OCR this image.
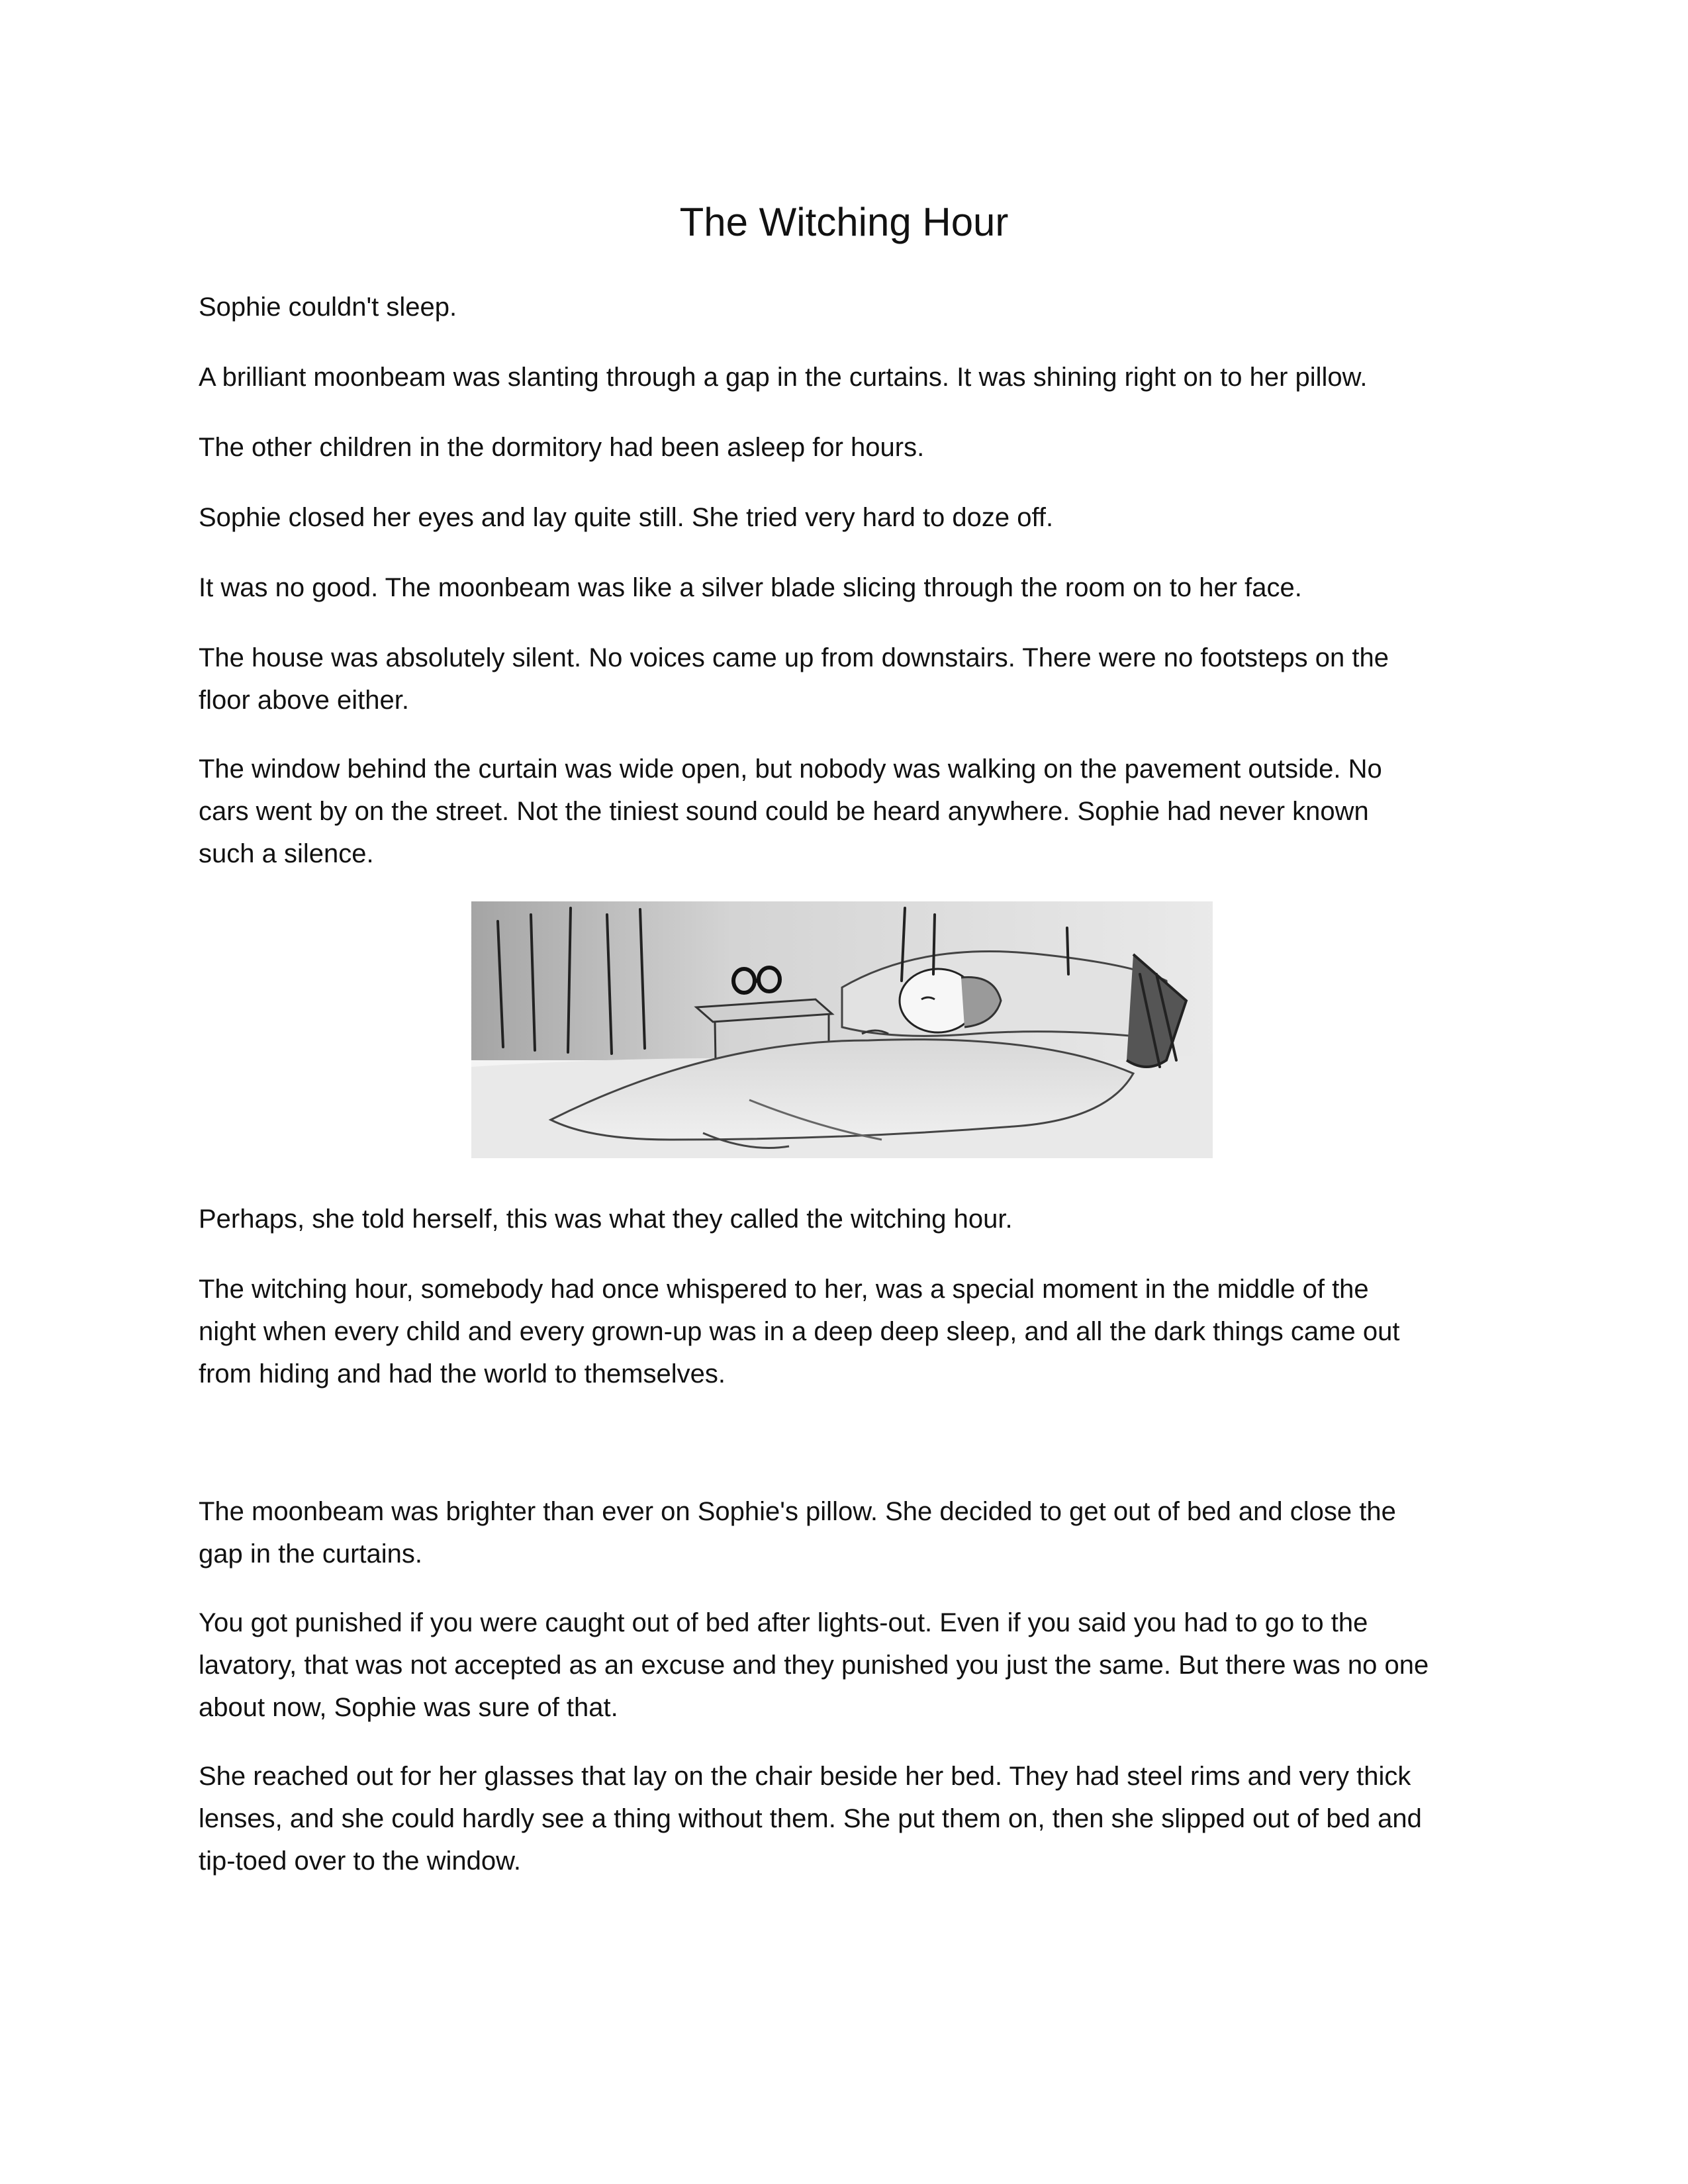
The Witching Hour

Sophie couldn't sleep.

A brilliant moonbeam was slanting through a gap in the curtains. It was shining right on to her pillow.

The other children in the dormitory had been asleep for hours.

Sophie closed her eyes and lay quite still. She tried very hard to doze off.

It was no good. The moonbeam was like a silver blade slicing through the room on to her face.

The house was absolutely silent. No voices came up from downstairs. There were no footsteps on the
floor above either.

The window behind the curtain was wide open, but nobody was walking on the pavement outside. No
cars went by on the street. Not the tiniest sound could be heard anywhere. Sophie had never known
such a silence.

Perhaps, she told herself, this was what they called the witching hour.

The witching hour, somebody had once whispered to her, was a special moment in the middle of the
night when every child and every grown-up was in a deep deep sleep, and all the dark things came out
from hiding and had the world to themselves.

The moonbeam was brighter than ever on Sophie's pillow. She decided to get out of bed and close the
gap in the curtains.

You got punished if you were caught out of bed after lights-out. Even if you said you had to go to the
lavatory, that was not accepted as an excuse and they punished you just the same. But there was no one
about now, Sophie was sure of that.

She reached out for her glasses that lay on the chair beside her bed. They had steel rims and very thick
lenses, and she could hardly see a thing without them. She put them on, then she slipped out of bed and
tip-toed over to the window.
